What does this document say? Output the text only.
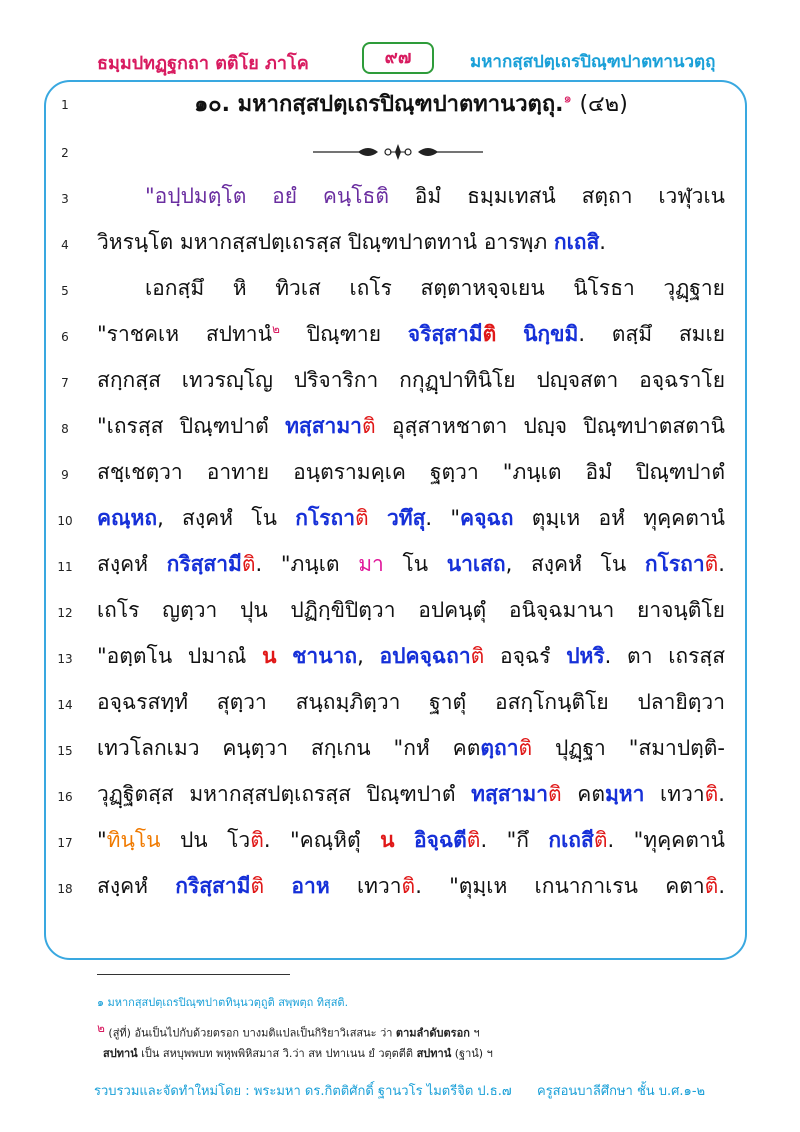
ธมฺมปทฏฺฐกถา ตติโย ภาโค	๙๗	มหากสฺสปตฺเถรปิณฺฑปาตทานวตฺถุ
1	๑๐. มหากสฺสปตฺเถรปิณฺฑปาตทานวตฺถุ.$^๑$ (๔๒)
2
3	"อปฺปมตฺโต อยํ คนฺโธติ อิมํ ธมฺมเทสนํ สตฺถา เวฬุวเน
4	วิหรนฺโต มหากสฺสปตฺเถรสฺส ปิณฺฑปาตทานํ อารพฺภ กเถสิ.
5	เอกสฺมึ หิ ทิวเส เถโร สตฺตาหจฺจเยน นิโรธา วุฏฺฐาย
6	"ราชคเห สปทานํ$^๒$ ปิณฺฑาย จริสฺสามีติ นิกฺขมิ. ตสฺมึ สมเย
7	สกฺกสฺส เทวรญฺโญ ปริจาริกา กกุฏฺปาทินิโย ปญฺจสตา อจฺฉราโย
8	"เถรสฺส ปิณฺฑปาตํ ทสฺสามาติ อุสฺสาหชาตา ปญฺจ ปิณฺฑปาตสตานิ
9	สชฺเชตฺวา อาทาย อนฺตรามคฺเค ฐตฺวา "ภนฺเต อิมํ ปิณฺฑปาตํ
10	คณฺหถ, สงฺคหํ โน กโรถาติ วทึสุ. "คจฺฉถ ตุมฺเห อหํ ทุคฺคตานํ
11	สงฺคหํ กริสฺสามีติ. "ภนฺเต มา โน นาเสถ, สงฺคหํ โน กโรถาติ.
12	เถโร ญตฺวา ปุน ปฏิกฺขิปิตฺวา อปคนฺตุํ อนิจฺฉมานา ยาจนฺติโย
13	"อตฺตโน ปมาณํ น ชานาถ, อปคจฺฉถาติ อจฺฉรํ ปหริ. ตา เถรสฺส
14	อจฺฉรสทฺทํ สุตฺวา สนฺถมฺภิตฺวา ฐาตุํ อสกฺโกนฺติโย ปลายิตฺวา
15	เทวโลกเมว คนฺตฺวา สกฺเกน "กหํ คตตฺถาติ ปุฏฺฐา "สมาปตฺติ-
16	วุฏฺฐิตสฺส มหากสฺสปตฺเถรสฺส ปิณฺฑปาตํ ทสฺสามาติ คตมฺหา เทวาติ.
17	"ทินฺโน ปน โวติ. "คณฺหิตุํ น อิจฺฉตีติ. "กึ กเถสีติ. "ทุคฺคตานํ
18	สงฺคหํ กริสฺสามีติ อาห เทวาติ. "ตุมฺเห เกนากาเรน คตาติ.
๑ มหากสฺสปตฺเถรปิณฺฑปาตทินฺนวตฺถูติ สพฺพตฺถ ทิสฺสติ.
๒ (สู่ที่) อันเป็นไปกับด้วยตรอก บางมติแปลเป็นกิริยาวิเสสนะ ว่า ตามลำดับตรอก ฯ
สปทานํ เป็น สหบุพพบท พหุพพิหิสมาส วิ.ว่า สห ปทาเนน ยํ วตฺตตีติ สปทานํ (ฐานํ) ฯ
รวบรวมและจัดทำใหม่โดย : พระมหา ดร.กิตติศักดิ์ ฐานวโร ไมตรีจิต ป.ธ.๗ ครูสอนบาลีศึกษา ชั้น บ.ศ.๑-๒
